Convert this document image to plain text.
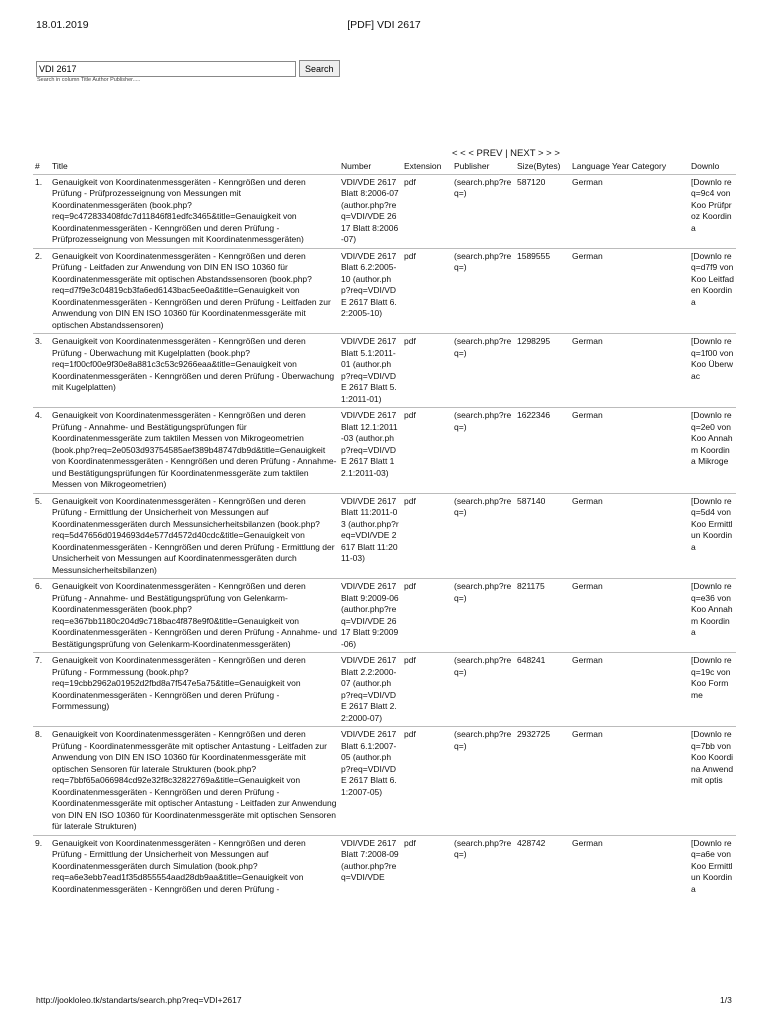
18.01.2019	[PDF] VDI 2617
VDI 2617
Search
Search in column Title Author Publisher.....
< < < PREV | NEXT > > >
#	Title	Number	Extension	Publisher	Size(Bytes)	Language Year Category	Downlo
1.	Genauigkeit von Koordinatenmessgeräten - Kenngrößen und deren Prüfung - Prüfprozesseignung von Messungen mit Koordinatenmessgeräten (book.php?req=9c472833408fdc7d11846f81edfc3465&title=Genauigkeit von Koordinatenmessgeräten - Kenngrößen und deren Prüfung - Prüfprozesseignung von Messungen mit Koordinatenmessgeräten)	VDI/VDE 2617 Blatt 8:2006-07 (author.php?req=VDI/VDE 2617 Blatt 8:2006-07)	pdf	(search.php?req=)	587120	German	[Downlo req=9c4 von Koo Prüfproz Koordina
2.	Genauigkeit von Koordinatenmessgeräten - Kenngrößen und deren Prüfung - Leitfaden zur Anwendung von DIN EN ISO 10360 für Koordinatenmessgeräte mit optischen Abstandssensoren (book.php?req=d7f9e3c04819cb3fa6ed6143bac5ee0a&title=Genauigkeit von Koordinatenmessgeräten - Kenngrößen und deren Prüfung - Leitfaden zur Anwendung von DIN EN ISO 10360 für Koordinatenmessgeräte mit optischen Abstandssensoren)	VDI/VDE 2617 Blatt 6.2:2005-10 (author.php?req=VDI/VDE 2617 Blatt 6.2:2005-10)	pdf	(search.php?req=)	1589555	German	[Downlo req=d7f9 von Koo Leitfaden Koordina
3.	Genauigkeit von Koordinatenmessgeräten - Kenngrößen und deren Prüfung - Überwachung mit Kugelplatten (book.php?req=1f00cf00e9f30e8a881c3c53c9266eaa&title=Genauigkeit von Koordinatenmessgeräten - Kenngrößen und deren Prüfung - Überwachung mit Kugelplatten)	VDI/VDE 2617 Blatt 5.1:2011-01 (author.php?req=VDI/VDE 2617 Blatt 5.1:2011-01)	pdf	(search.php?req=)	1298295	German	[Downlo req=1f00 von Koo Überwac
4.	Genauigkeit von Koordinatenmessgeräten - Kenngrößen und deren Prüfung - Annahme- und Bestätigungsprüfungen für Koordinatenmessgeräte zum taktilen Messen von Mikrogeometrien (book.php?req=2e0503d93754585aef389b48747db9d&title=Genauigkeit von Koordinatenmessgeräten - Kenngrößen und deren Prüfung - Annahme- und Bestätigungsprüfungen für Koordinatenmessgeräte zum taktilen Messen von Mikrogeometrien)	VDI/VDE 2617 Blatt 12.1:2011-03 (author.php?req=VDI/VDE 2617 Blatt 12.1:2011-03)	pdf	(search.php?req=)	1622346	German	[Downlo req=2e0 von Koo Annahm Koordina Mikroge
5.	Genauigkeit von Koordinatenmessgeräten - Kenngrößen und deren Prüfung - Ermittlung der Unsicherheit von Messungen auf Koordinatenmessgeräten durch Messunsicherheitsbilanzen (book.php?req=5d47656d0194693d4e577d4572d40cdc&title=Genauigkeit von Koordinatenmessgeräten - Kenngrößen und deren Prüfung - Ermittlung der Unsicherheit von Messungen auf Koordinatenmessgeräten durch Messunsicherheitsbilanzen)	VDI/VDE 2617 Blatt 11:2011-03 (author.php?req=VDI/VDE 2617 Blatt 11:2011-03)	pdf	(search.php?req=)	587140	German	[Downlo req=5d4 von Koo Ermittlun Koordina
6.	Genauigkeit von Koordinatenmessgeräten - Kenngrößen und deren Prüfung - Annahme- und Bestätigungsprüfung von Gelenkarm-Koordinatenmessgeräten (book.php?req=e367bb1180c204d9c718bac4f878e9f0&title=Genauigkeit von Koordinatenmessgeräten - Kenngrößen und deren Prüfung - Annahme- und Bestätigungsprüfung von Gelenkarm-Koordinatenmessgeräten)	VDI/VDE 2617 Blatt 9:2009-06 (author.php?req=VDI/VDE 2617 Blatt 9:2009-06)	pdf	(search.php?req=)	821175	German	[Downlo req=e36 von Koo Annahm Koordina
7.	Genauigkeit von Koordinatenmessgeräten - Kenngrößen und deren Prüfung - Formmessung (book.php?req=19cbb2962a01952d2fbd8a7f547e5a75&title=Genauigkeit von Koordinatenmessgeräten - Kenngrößen und deren Prüfung - Formmessung)	VDI/VDE 2617 Blatt 2.2:2000-07 (author.php?req=VDI/VDE 2617 Blatt 2.2:2000-07)	pdf	(search.php?req=)	648241	German	[Downlo req=19c von Koo Formme
8.	Genauigkeit von Koordinatenmessgeräten - Kenngrößen und deren Prüfung - Koordinatenmessgeräte mit optischer Antastung - Leitfaden zur Anwendung von DIN EN ISO 10360 für Koordinatenmessgeräte mit optischen Sensoren für laterale Strukturen (book.php?req=7bbf65a066984cd92e32f8c32822769a&title=Genauigkeit von Koordinatenmessgeräten - Kenngrößen und deren Prüfung - Koordinatenmessgeräte mit optischer Antastung - Leitfaden zur Anwendung von DIN EN ISO 10360 für Koordinatenmessgeräte mit optischen Sensoren für laterale Strukturen)	VDI/VDE 2617 Blatt 6.1:2007-05 (author.php?req=VDI/VDE 2617 Blatt 6.1:2007-05)	pdf	(search.php?req=)	2932725	German	[Downlo req=7bb von Koo Koordina Anwend mit optis
9.	Genauigkeit von Koordinatenmessgeräten - Kenngrößen und deren Prüfung - Ermittlung der Unsicherheit von Messungen auf Koordinatenmessgeräten durch Simulation (book.php?req=a6e3ebb7ead1f35d855554aad28db9aa&title=Genauigkeit von Koordinatenmessgeräten - Kenngrößen und deren Prüfung -	VDI/VDE 2617 Blatt 7:2008-09 (author.php?req=VDI/VDE	pdf	(search.php?req=)	428742	German	[Downlo req=a6e von Koo Ermittlun Koordina
http://jookloleo.tk/standarts/search.php?req=VDI+2617	1/3
